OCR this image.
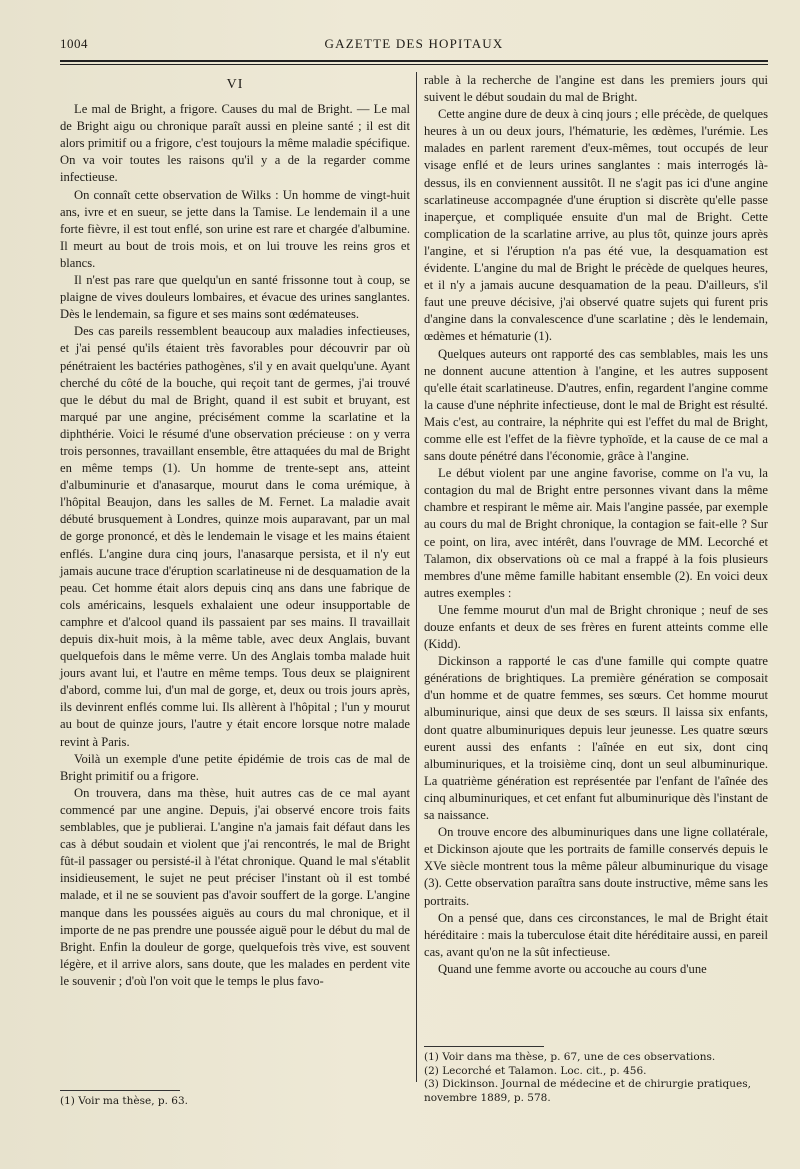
1004	GAZETTE DES HOPITAUX
VI

Le mal de Bright, a frigore. Causes du mal de Bright. — Le mal de Bright aigu ou chronique paraît aussi en pleine santé ; il est dit alors primitif ou a frigore, c'est toujours la même maladie spécifique. On va voir toutes les raisons qu'il y a de la regarder comme infectieuse.

On connaît cette observation de Wilks : Un homme de vingt-huit ans, ivre et en sueur, se jette dans la Tamise. Le lendemain il a une forte fièvre, il est tout enflé, son urine est rare et chargée d'albumine. Il meurt au bout de trois mois, et on lui trouve les reins gros et blancs.

Il n'est pas rare que quelqu'un en santé frissonne tout à coup, se plaigne de vives douleurs lombaires, et évacue des urines sanglantes. Dès le lendemain, sa figure et ses mains sont œdémateuses.

Des cas pareils ressemblent beaucoup aux maladies infectieuses, et j'ai pensé qu'ils étaient très favorables pour découvrir par où pénétraient les bactéries pathogènes, s'il y en avait quelqu'une. Ayant cherché du côté de la bouche, qui reçoit tant de germes, j'ai trouvé que le début du mal de Bright, quand il est subit et bruyant, est marqué par une angine, précisément comme la scarlatine et la diphthérie. Voici le résumé d'une observation précieuse : on y verra trois personnes, travaillant ensemble, être attaquées du mal de Bright en même temps (1). Un homme de trente-sept ans, atteint d'albuminurie et d'anasarque, mourut dans le coma urémique, à l'hôpital Beaujon, dans les salles de M. Fernet. La maladie avait débuté brusquement à Londres, quinze mois auparavant, par un mal de gorge prononcé, et dès le lendemain le visage et les mains étaient enflés. L'angine dura cinq jours, l'anasarque persista, et il n'y eut jamais aucune trace d'éruption scarlatineuse ni de desquamation de la peau. Cet homme était alors depuis cinq ans dans une fabrique de cols américains, lesquels exhalaient une odeur insupportable de camphre et d'alcool quand ils passaient par ses mains. Il travaillait depuis dix-huit mois, à la même table, avec deux Anglais, buvant quelquefois dans le même verre. Un des Anglais tomba malade huit jours avant lui, et l'autre en même temps. Tous deux se plaignirent d'abord, comme lui, d'un mal de gorge, et, deux ou trois jours après, ils devinrent enflés comme lui. Ils allèrent à l'hôpital ; l'un y mourut au bout de quinze jours, l'autre y était encore lorsque notre malade revint à Paris.

Voilà un exemple d'une petite épidémie de trois cas de mal de Bright primitif ou a frigore.

On trouvera, dans ma thèse, huit autres cas de ce mal ayant commencé par une angine. Depuis, j'ai observé encore trois faits semblables, que je publierai. L'angine n'a jamais fait défaut dans les cas à début soudain et violent que j'ai rencontrés, le mal de Bright fût-il passager ou persisté-il à l'état chronique. Quand le mal s'établit insidieusement, le sujet ne peut préciser l'instant où il est tombé malade, et il ne se souvient pas d'avoir souffert de la gorge. L'angine manque dans les poussées aiguës au cours du mal chronique, et il importe de ne pas prendre une poussée aiguë pour le début du mal de Bright. Enfin la douleur de gorge, quelquefois très vive, est souvent légère, et il arrive alors, sans doute, que les malades en perdent vite le souvenir ; d'où l'on voit que le temps le plus favo-

rable à la recherche de l'angine est dans les premiers jours qui suivent le début soudain du mal de Bright.

Cette angine dure de deux à cinq jours ; elle précède, de quelques heures à un ou deux jours, l'hématurie, les œdèmes, l'urémie. Les malades en parlent rarement d'eux-mêmes, tout occupés de leur visage enflé et de leurs urines sanglantes : mais interrogés là-dessus, ils en conviennent aussitôt. Il ne s'agit pas ici d'une angine scarlatineuse accompagnée d'une éruption si discrète qu'elle passe inaperçue, et compliquée ensuite d'un mal de Bright. Cette complication de la scarlatine arrive, au plus tôt, quinze jours après l'angine, et si l'éruption n'a pas été vue, la desquamation est évidente. L'angine du mal de Bright le précède de quelques heures, et il n'y a jamais aucune desquamation de la peau. D'ailleurs, s'il faut une preuve décisive, j'ai observé quatre sujets qui furent pris d'angine dans la convalescence d'une scarlatine ; dès le lendemain, œdèmes et hématurie (1).

Quelques auteurs ont rapporté des cas semblables, mais les uns ne donnent aucune attention à l'angine, et les autres supposent qu'elle était scarlatineuse. D'autres, enfin, regardent l'angine comme la cause d'une néphrite infectieuse, dont le mal de Bright est résulté. Mais c'est, au contraire, la néphrite qui est l'effet du mal de Bright, comme elle est l'effet de la fièvre typhoïde, et la cause de ce mal a sans doute pénétré dans l'économie, grâce à l'angine.

Le début violent par une angine favorise, comme on l'a vu, la contagion du mal de Bright entre personnes vivant dans la même chambre et respirant le même air. Mais l'angine passée, par exemple au cours du mal de Bright chronique, la contagion se fait-elle ? Sur ce point, on lira, avec intérêt, dans l'ouvrage de MM. Lecorché et Talamon, dix observations où ce mal a frappé à la fois plusieurs membres d'une même famille habitant ensemble (2). En voici deux autres exemples :

Une femme mourut d'un mal de Bright chronique ; neuf de ses douze enfants et deux de ses frères en furent atteints comme elle (Kidd).

Dickinson a rapporté le cas d'une famille qui compte quatre générations de brightiques. La première génération se composait d'un homme et de quatre femmes, ses sœurs. Cet homme mourut albuminurique, ainsi que deux de ses sœurs. Il laissa six enfants, dont quatre albuminuriques depuis leur jeunesse. Les quatre sœurs eurent aussi des enfants : l'aînée en eut six, dont cinq albuminuriques, et la troisième cinq, dont un seul albuminurique. La quatrième génération est représentée par l'enfant de l'aînée des cinq albuminuriques, et cet enfant fut albuminurique dès l'instant de sa naissance.

On trouve encore des albuminuriques dans une ligne collatérale, et Dickinson ajoute que les portraits de famille conservés depuis le XVe siècle montrent tous la même pâleur albuminurique du visage (3). Cette observation paraîtra sans doute instructive, même sans les portraits.

On a pensé que, dans ces circonstances, le mal de Bright était héréditaire : mais la tuberculose était dite héréditaire aussi, en pareil cas, avant qu'on ne la sût infectieuse.

Quand une femme avorte ou accouche au cours d'une

(1) Voir ma thèse, p. 63.

(1) Voir dans ma thèse, p. 67, une de ces observations.

(2) Lecorché et Talamon. Loc. cit., p. 456.

(3) Dickinson. Journal de médecine et de chirurgie pratiques, novembre 1889, p. 578.
